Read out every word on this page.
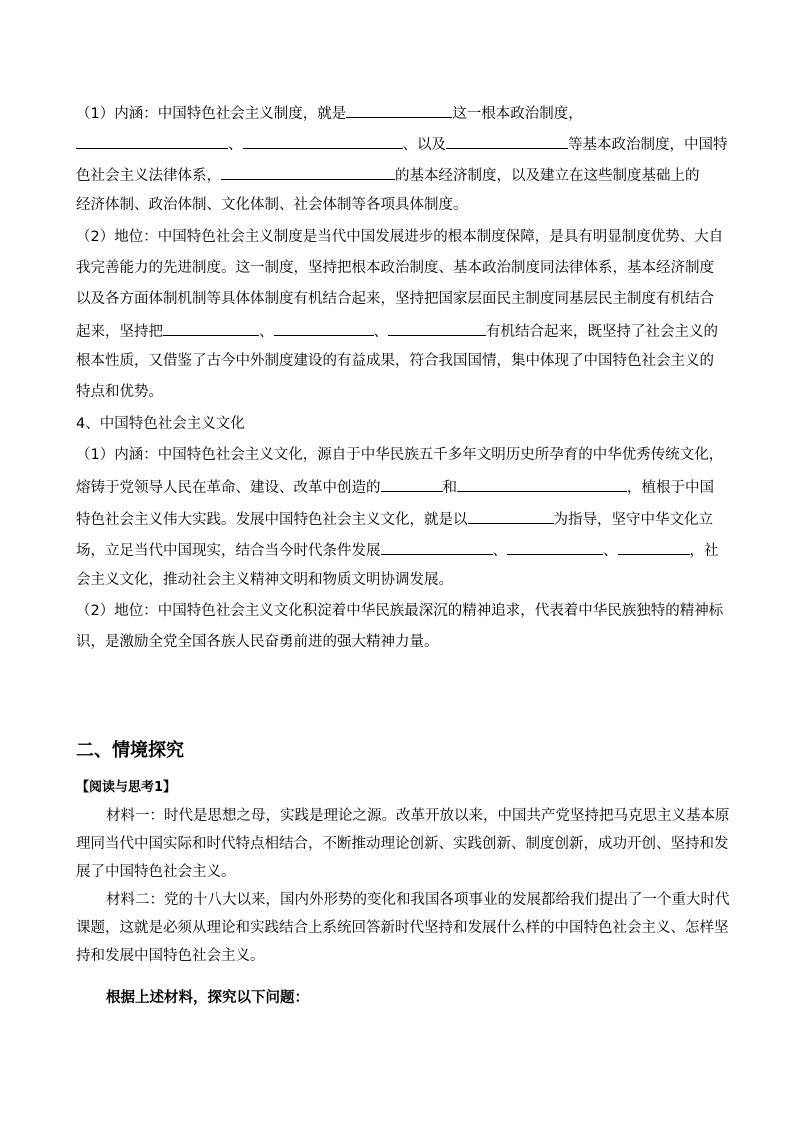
（1）内涵：中国特色社会主义制度，就是	这一根本政治制度，
、	、以及	等基本政治制度，中国特
色社会主义法律体系，	的基本经济制度，以及建立在这些制度基础上的
经济体制、政治体制、文化体制、社会体制等各项具体制度。
（2）地位：中国特色社会主义制度是当代中国发展进步的根本制度保障，是具有明显制度优势、大自
我完善能力的先进制度。这一制度，坚持把根本政治制度、基本政治制度同法律体系，基本经济制度
以及各方面体制机制等具体体制度有机结合起来，坚持把国家层面民主制度同基层民主制度有机结合
起来，坚持把	、	、	有机结合起来，既坚持了社会主义的
根本性质，又借鉴了古今中外制度建设的有益成果，符合我国国情，集中体现了中国特色社会主义的
特点和优势。
4、中国特色社会主义文化
（1）内涵：中国特色社会主义文化，源自于中华民族五千多年文明历史所孕育的中华优秀传统文化，
熔铸于党领导人民在革命、建设、改革中创造的	和	，植根于中国
特色社会主义伟大实践。发展中国特色社会主义文化，就是以	为指导，坚守中华文化立
场，立足当代中国现实，结合当今时代条件发展	、	、	，社
会主义文化，推动社会主义精神文明和物质文明协调发展。
（2）地位：中国特色社会主义文化积淀着中华民族最深沉的精神追求，代表着中华民族独特的精神标
识，是激励全党全国各族人民奋勇前进的强大精神力量。
二、情境探究
【阅读与思考1】
材料一：时代是思想之母，实践是理论之源。改革开放以来，中国共产党坚持把马克思主义基本原
理同当代中国实际和时代特点相结合，不断推动理论创新、实践创新、制度创新，成功开创、坚持和发
展了中国特色社会主义。
材料二：党的十八大以来，国内外形势的变化和我国各项事业的发展都给我们提出了一个重大时代
课题，这就是必须从理论和实践结合上系统回答新时代坚持和发展什么样的中国特色社会主义、怎样坚
持和发展中国特色社会主义。
根据上述材料，探究以下问题：
